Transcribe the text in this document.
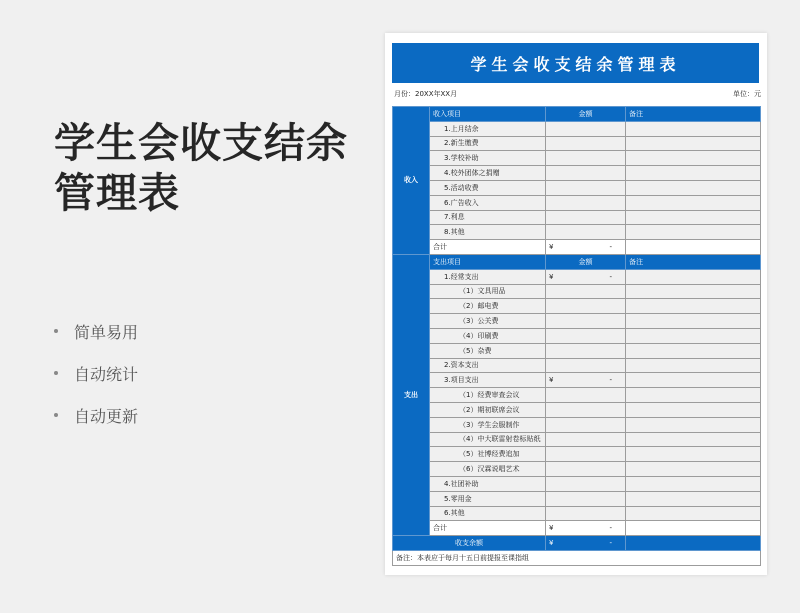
学生会收支结余
管理表
简单易用
自动统计
自动更新
学生会收支结余管理表
月份：20XX年XX月	单位：元
收入	收入项目	金额	备注
	1.上月结余		
	2.新生缴费		
	3.学校补助		
	4.校外团体之捐赠		
	5.活动收费		
	6.广告收入		
	7.利息		
	8.其他		
	合计	¥ -	

支出	支出项目	金额	备注
	1.经常支出	¥ -	

	（1）文具用品		
	（2）邮电费		
	（3）公关费		
	（4）印刷费		
	（5）杂费		
	2.资本支出		
	3.项目支出	¥ -	

	（1）经费审查会议		
	（2）期初联席会议		
	（3）学生会服制作		
	（4）中大联雷射卷标贴纸		
	（5）社博经费追加		
	（6）汉霖说唱艺术		
	4.社团补助		
	5.零用金		
	6.其他		
	合计	¥ -	

收支余额		¥ -	

备注：本表应于每月十五日前提报至课指组			
